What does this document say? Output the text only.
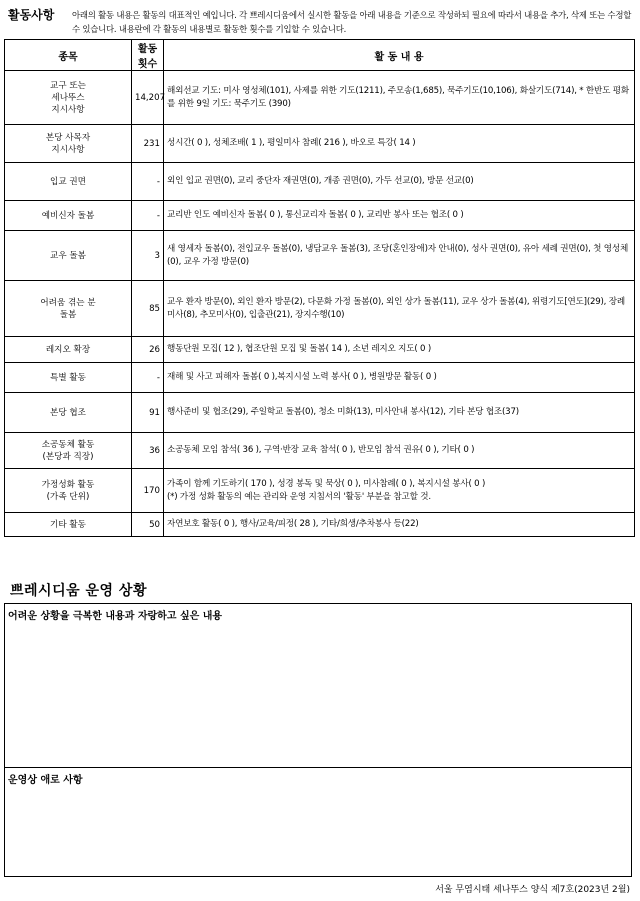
활동사항 아래의 활동 내용은 활동의 대표적인 예입니다. 각 쁘레시디움에서 실시한 활동을 아래 내용을 기준으로 작성하되 필요에 따라서 내용을 추가, 삭제 또는 수정할 수 있습니다. 내용란에 각 활동의 내용별로 활동한 횟수를 기입할 수 있습니다.
종목	활동횟수	활 동 내 용
교구 또는
세나뚜스
지시사항	14,207	해외선교 기도: 미사 영성체(101), 사제를 위한 기도(1211), 주모송(1,685), 묵주기도(10,106), 화살기도(714), * 한반도 평화를 위한 9일 기도: 묵주기도 (390)
본당 사목자
지시사항	231	성시간( 0 ), 성체조배( 1 ), 평일미사 참례( 216 ), 바오로 특강( 14 )
입교 권면	-	외인 입교 권면(0), 교리 중단자 재권면(0), 개종 권면(0), 가두 선교(0), 방문 선교(0)
예비신자 돌봄	-	교리반 인도 예비신자 돌봄( 0 ), 통신교리자 돌봄( 0 ), 교리반 봉사 또는 협조( 0 )
교우 돌봄	3	새 영세자 돌봄(0), 전입교우 돌봄(0), 냉담교우 돌봄(3), 조당(혼인장애)자 안내(0), 성사 권면(0), 유아 세례 권면(0), 첫 영성체(0), 교우 가정 방문(0)
어려움 겪는 분
돌봄	85	교우 환자 방문(0), 외인 환자 방문(2), 다문화 가정 돌봄(0), 외인 상가 돌봄(11), 교우 상가 돌봄(4), 위령기도[연도](29), 장례미사(8), 추모미사(0), 입출관(21), 장지수행(10)
레지오 확장	26	행동단원 모집( 12 ), 협조단원 모집 및 돌봄( 14 ), 소년 레지오 지도( 0 )
특별 활동	-	재해 및 사고 피해자 돌봄( 0 ),복지시설 노력 봉사( 0 ), 병원방문 활동( 0 )
본당 협조	91	행사준비 및 협조(29), 주일학교 돌봄(0), 청소 미화(13), 미사안내 봉사(12), 기타 본당 협조(37)
소공동체 활동
(본당과 직장)	36	소공동체 모임 참석( 36 ), 구역·반장 교육 참석( 0 ), 반모임 참석 권유( 0 ), 기타( 0 )
가정성화 활동
(가족 단위)	170	가족이 함께 기도하기( 170 ), 성경 봉독 및 묵상( 0 ), 미사참례( 0 ), 복지시설 봉사( 0 )
(*) 가정 성화 활동의 예는 관리와 운영 지침서의 '활동' 부분을 참고할 것.
기타 활동	50	자연보호 활동( 0 ), 행사/교육/피정( 28 ), 기타/희생/추차봉사 등(22)
쁘레시디움 운영 상황
어려운 상황을 극복한 내용과 자랑하고 싶은 내용
운영상 애로 사항
서울 무염시태 세나뚜스 양식 제7호(2023년 2월)
